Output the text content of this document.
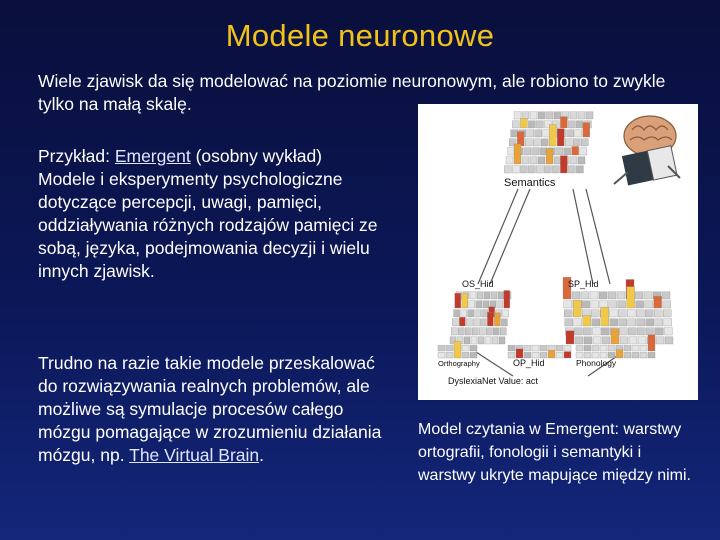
Modele neuronowe
Wiele zjawisk da się modelować na poziomie neuronowym, ale robiono to zwykle tylko na małą skalę.
Przykład: Emergent (osobny wykład)
Modele i eksperymenty psychologiczne dotyczące percepcji, uwagi, pamięci, oddziaływania różnych rodzajów pamięci ze sobą, języka, podejmowania decyzji i wielu innych zjawisk.
Trudno na razie takie modele przeskalować do rozwiązywania realnych problemów, ale możliwe są symulacje procesów całego mózgu pomagające w zrozumieniu działania mózgu, np. The Virtual Brain.
Semantics
OS_Hid	SP_Hid
Orthography	OP_Hid	Phonology
DyslexiaNet Value: act
Model czytania w Emergent: warstwy ortografii, fonologii i semantyki i warstwy ukryte mapujące między nimi.
